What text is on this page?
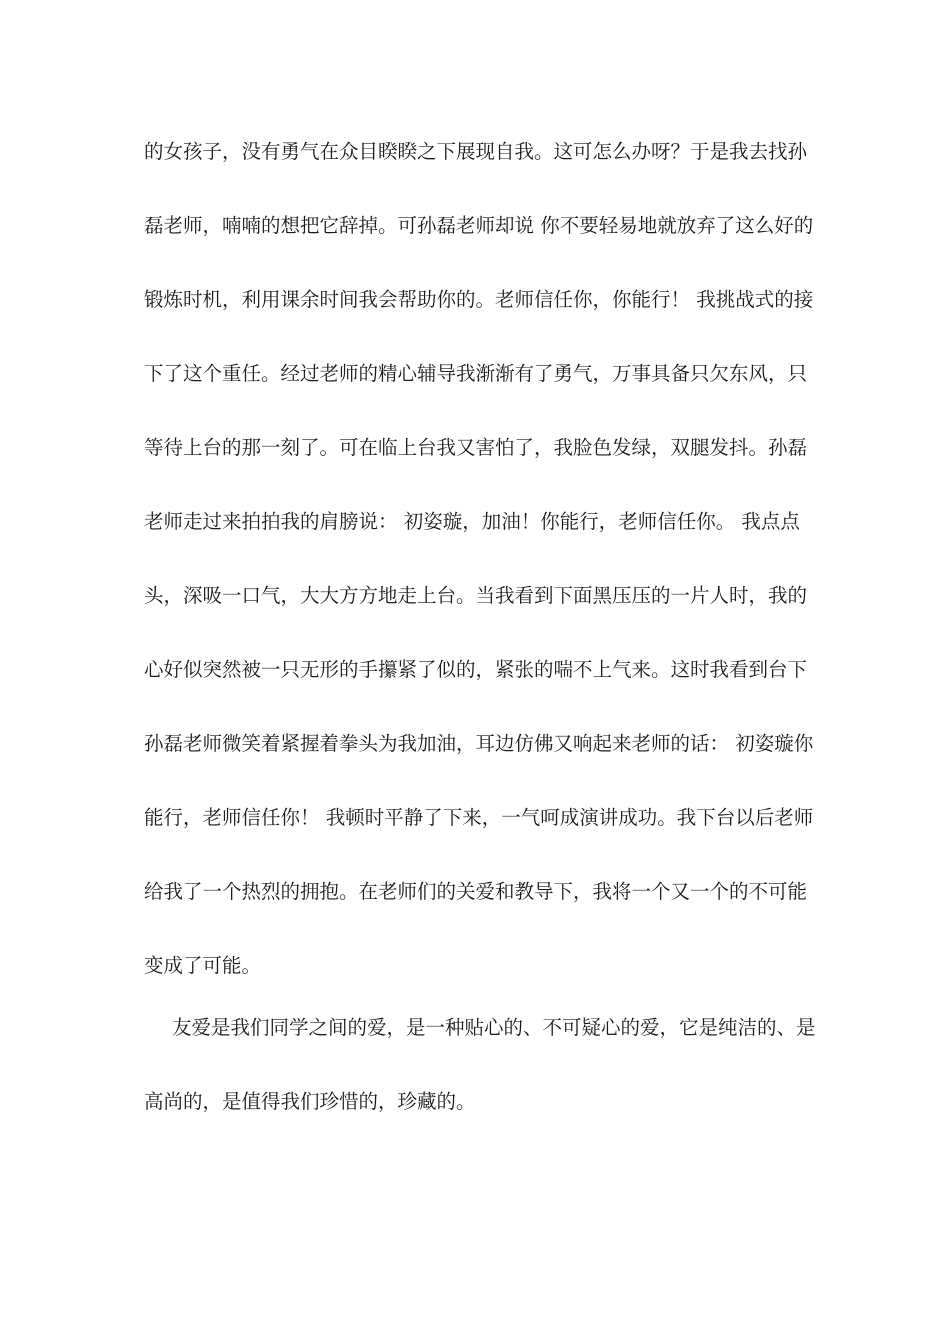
的女孩子，没有勇气在众目睽睽之下展现自我。这可怎么办呀？于是我去找孙
磊老师，喃喃的想把它辞掉。可孙磊老师却说 你不要轻易地就放弃了这么好的
锻炼时机，利用课余时间我会帮助你的。老师信任你，你能行！ 我挑战式的接
下了这个重任。经过老师的精心辅导我渐渐有了勇气，万事具备只欠东风，只
等待上台的那一刻了。可在临上台我又害怕了，我脸色发绿，双腿发抖。孙磊
老师走过来拍拍我的肩膀说： 初姿璇，加油！你能行，老师信任你。 我点点
头，深吸一口气，大大方方地走上台。当我看到下面黑压压的一片人时，我的
心好似突然被一只无形的手攥紧了似的，紧张的喘不上气来。这时我看到台下
孙磊老师微笑着紧握着拳头为我加油，耳边仿佛又响起来老师的话： 初姿璇你
能行，老师信任你！ 我顿时平静了下来，一气呵成演讲成功。我下台以后老师
给我了一个热烈的拥抱。在老师们的关爱和教导下，我将一个又一个的不可能
变成了可能。
友爱是我们同学之间的爱，是一种贴心的、不可疑心的爱，它是纯洁的、是
高尚的，是值得我们珍惜的，珍藏的。
